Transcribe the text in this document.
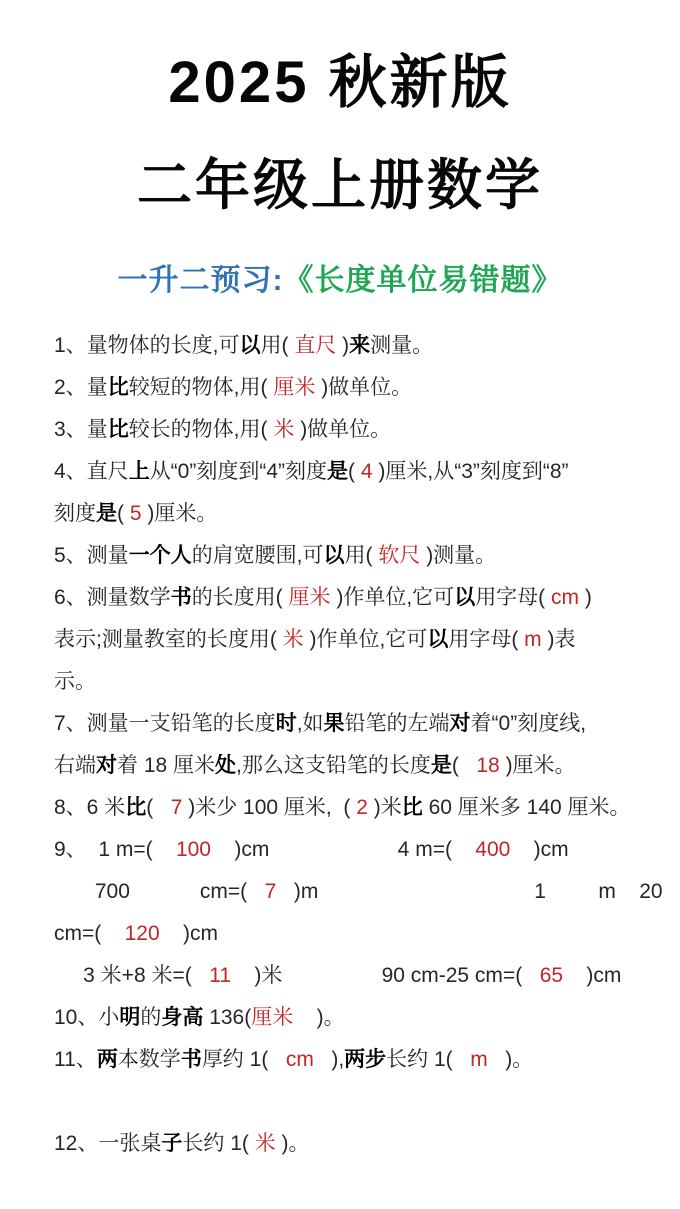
2025 秋新版
二年级上册数学
一升二预习:《长度单位易错题》
1、量物体的长度,可以用( 直尺 )来测量。
2、量比较短的物体,用( 厘米 )做单位。
3、量比较长的物体,用( 米 )做单位。
4、直尺上从“0”刻度到“4”刻度是( 4 )厘米,从“3”刻度到“8”
刻度是( 5 )厘米。
5、测量一个人的肩宽腰围,可以用( 软尺 )测量。
6、测量数学书的长度用( 厘米 )作单位,它可以用字母( cm )
表示;测量教室的长度用( 米 )作单位,它可以用字母( m )表
示。
7、测量一支铅笔的长度时,如果铅笔的左端对着“0”刻度线,
右端对着 18 厘米处,那么这支铅笔的长度是(   18 )厘米。
8、6 米比(   7 )米少 100 厘米,  ( 2 )米比 60 厘米多 140 厘米。
9、  1 m=(    100    )cm                      4 m=(    400    )cm
700            cm=(   7   )m                                     1         m    20
cm=(    120    )cm
3 米+8 米=(   11    )米                 90 cm-25 cm=(   65    )cm
10、小明的身高 136(厘米    )。
11、两本数学书厚约 1(   cm   ),两步长约 1(   m   )。

12、一张桌子长约 1( 米 )。
